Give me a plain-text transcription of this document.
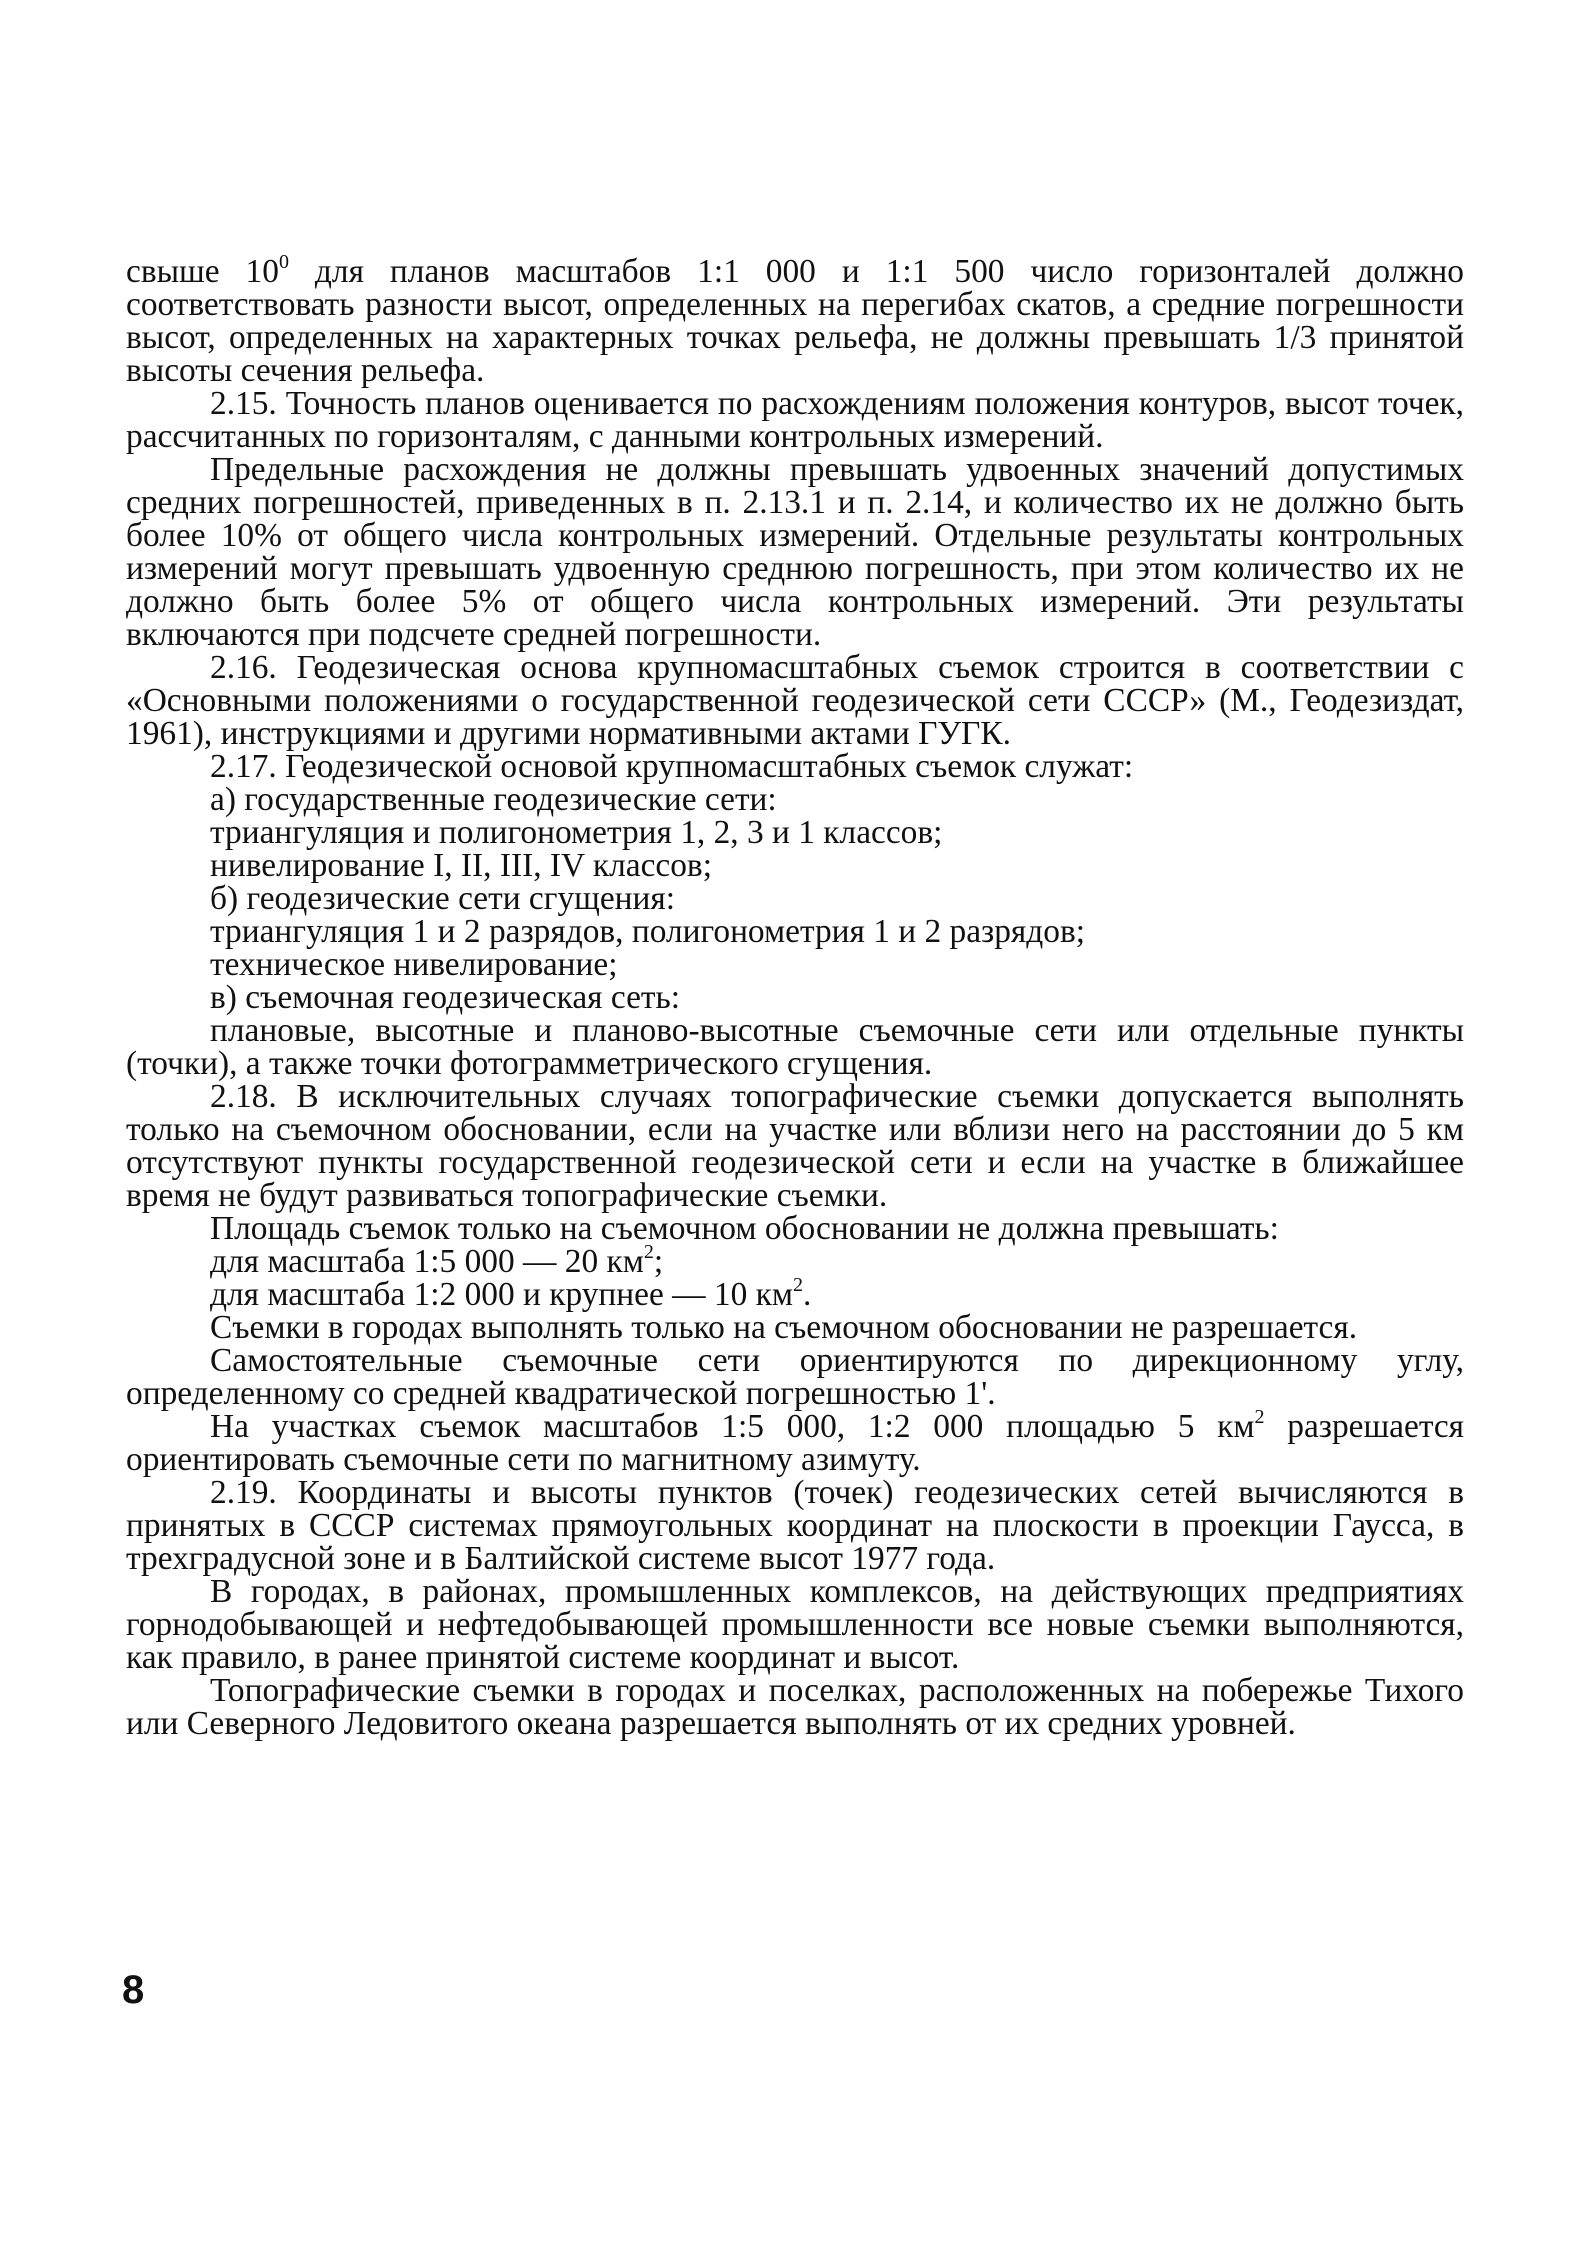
свыше $10^0$ для планов масштабов 1:1 000 и 1:1 500 число горизонталей должно соответствовать разности высот, определенных на перегибах скатов, а средние погрешности высот, определенных на характерных точках рельефа, не должны превышать 1/3 принятой высоты сечения рельефа.

2.15. Точность планов оценивается по расхождениям положения контуров, высот точек, рассчитанных по горизонталям, с данными контрольных измерений.

Предельные расхождения не должны превышать удвоенных значений допустимых средних погрешностей, приведенных в п. 2.13.1 и п. 2.14, и количество их не должно быть более 10% от общего числа контрольных измерений. Отдельные результаты контрольных измерений могут превышать удвоенную среднюю погрешность, при этом количество их не должно быть более 5% от общего числа контрольных измерений. Эти результаты включаются при подсчете средней погрешности.

2.16. Геодезическая основа крупномасштабных съемок строится в соответствии с «Основными положениями о государственной геодезической сети СССР» (М., Геодезиздат, 1961), инструкциями и другими нормативными актами ГУГК.

2.17. Геодезической основой крупномасштабных съемок служат:

а) государственные геодезические сети:
триангуляция и полигонометрия 1, 2, 3 и 1 классов;
нивелирование I, II, III, IV классов;
б) геодезические сети сгущения:
триангуляция 1 и 2 разрядов, полигонометрия 1 и 2 разрядов;
техническое нивелирование;
в) съемочная геодезическая сеть:

плановые, высотные и планово-высотные съемочные сети или отдельные пункты (точки), а также точки фотограмметрического сгущения.

2.18. В исключительных случаях топографические съемки допускается выполнять только на съемочном обосновании, если на участке или вблизи него на расстоянии до 5 км отсутствуют пункты государственной геодезической сети и если на участке в ближайшее время не будут развиваться топографические съемки.

Площадь съемок только на съемочном обосновании не должна превышать:

для масштаба 1:5 000 — 20 $км^2$;

для масштаба 1:2 000 и крупнее — 10 $км^2$.

Съемки в городах выполнять только на съемочном обосновании не разрешается.

Самостоятельные съемочные сети ориентируются по дирекционному углу, определенному со средней квадратической погрешностью 1'.

На участках съемок масштабов 1:5 000, 1:2 000 площадью 5 $км^2$ разрешается ориентировать съемочные сети по магнитному азимуту.

2.19. Координаты и высоты пунктов (точек) геодезических сетей вычисляются в принятых в СССР системах прямоугольных координат на плоскости в проекции Гаусса, в трехградусной зоне и в Балтийской системе высот 1977 года.

В городах, в районах, промышленных комплексов, на действующих предприятиях горнодобывающей и нефтедобывающей промышленности все новые съемки выполняются, как правило, в ранее принятой системе координат и высот.

Топографические съемки в городах и поселках, расположенных на побережье Тихого или Северного Ледовитого океана разрешается выполнять от их средних уровней.

8
